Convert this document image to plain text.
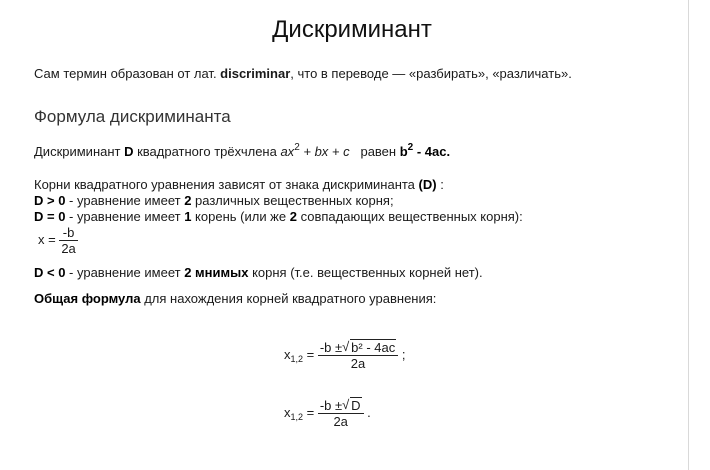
Дискриминант
Сам термин образован от лат. discriminar, что в переводе — «разбирать», «различать».
Формула дискриминанта
Дискриминант D квадратного трёхчлена $ax^2$ + bx + c   равен $b^2 - 4ac$.
Корни квадратного уравнения зависят от знака дискриминанта (D) :
D > 0 - уравнение имеет 2 различных вещественных корня;
D = 0 - уравнение имеет 1 корень (или же 2 совпадающих вещественных корня):
$x = \frac{-b}{2a}$
D < 0 - уравнение имеет 2 мнимых корня (т.е. вещественных корней нет).
Общая формула для нахождения корней квадратного уравнения:
$x_{1,2} = \frac{\text{-b ± √ b² - 4ac}}{2a}$ ;
$x_{1,2} = \frac{-b \pm √ D}{2a}$ .
